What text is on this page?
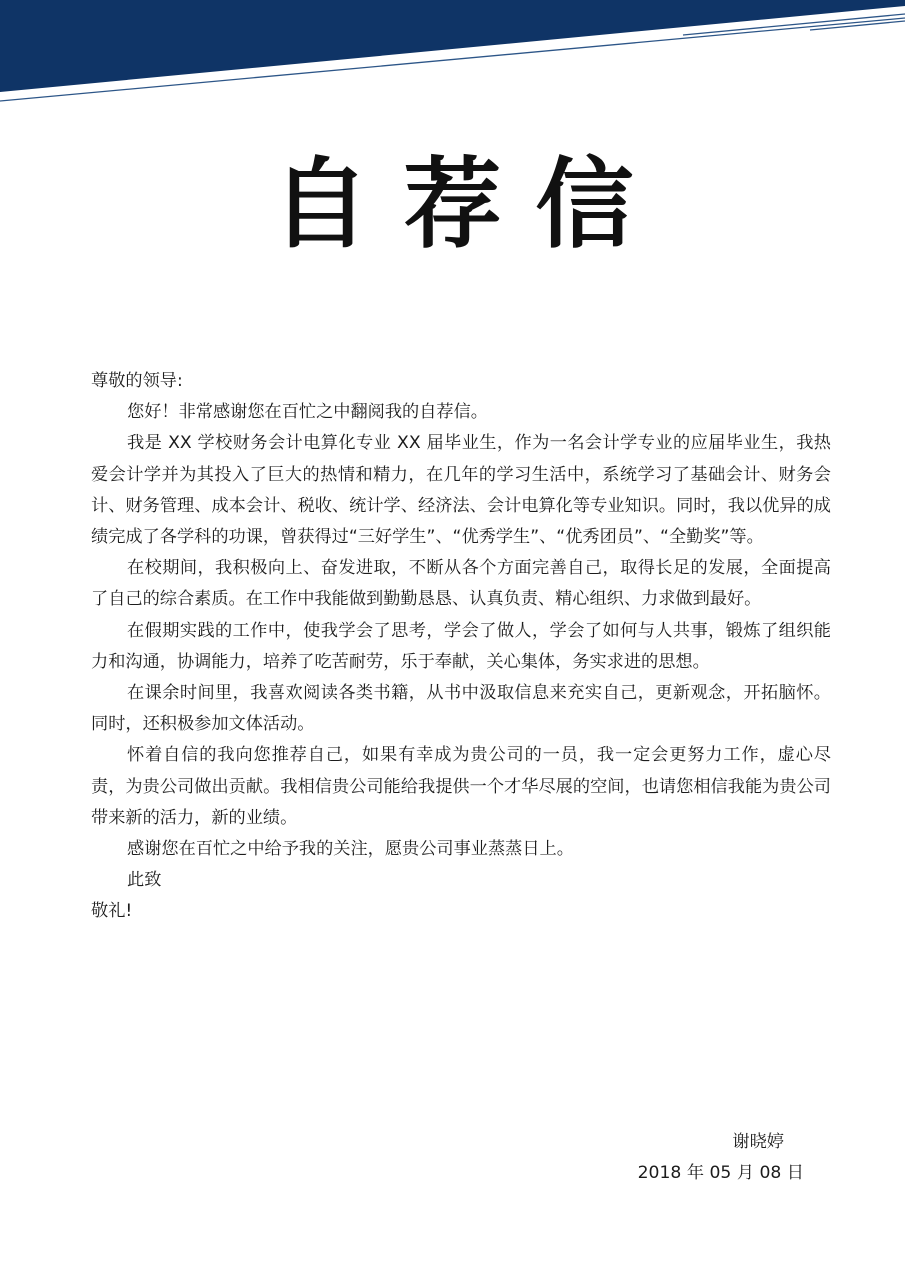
自荐信

尊敬的领导:

您好！非常感谢您在百忙之中翻阅我的自荐信。

我是 XX 学校财务会计电算化专业 XX 届毕业生，作为一名会计学专业的应届毕业生，我热爱会计学并为其投入了巨大的热情和精力，在几年的学习生活中，系统学习了基础会计、财务会计、财务管理、成本会计、税收、统计学、经济法、会计电算化等专业知识。同时，我以优异的成绩完成了各学科的功课，曾获得过“三好学生”、“优秀学生”、“优秀团员”、“全勤奖”等。

在校期间，我积极向上、奋发进取，不断从各个方面完善自己，取得长足的发展，全面提高了自己的综合素质。在工作中我能做到勤勤恳恳、认真负责、精心组织、力求做到最好。

在假期实践的工作中，使我学会了思考，学会了做人，学会了如何与人共事，锻炼了组织能力和沟通，协调能力，培养了吃苦耐劳，乐于奉献，关心集体，务实求进的思想。

在课余时间里，我喜欢阅读各类书籍，从书中汲取信息来充实自己，更新观念，开拓脑怀。同时，还积极参加文体活动。

怀着自信的我向您推荐自己，如果有幸成为贵公司的一员，我一定会更努力工作，虚心尽责，为贵公司做出贡献。我相信贵公司能给我提供一个才华尽展的空间，也请您相信我能为贵公司带来新的活力，新的业绩。

感谢您在百忙之中给予我的关注，愿贵公司事业蒸蒸日上。

此致

敬礼!

谢晓婷
2018 年 05 月 08 日
